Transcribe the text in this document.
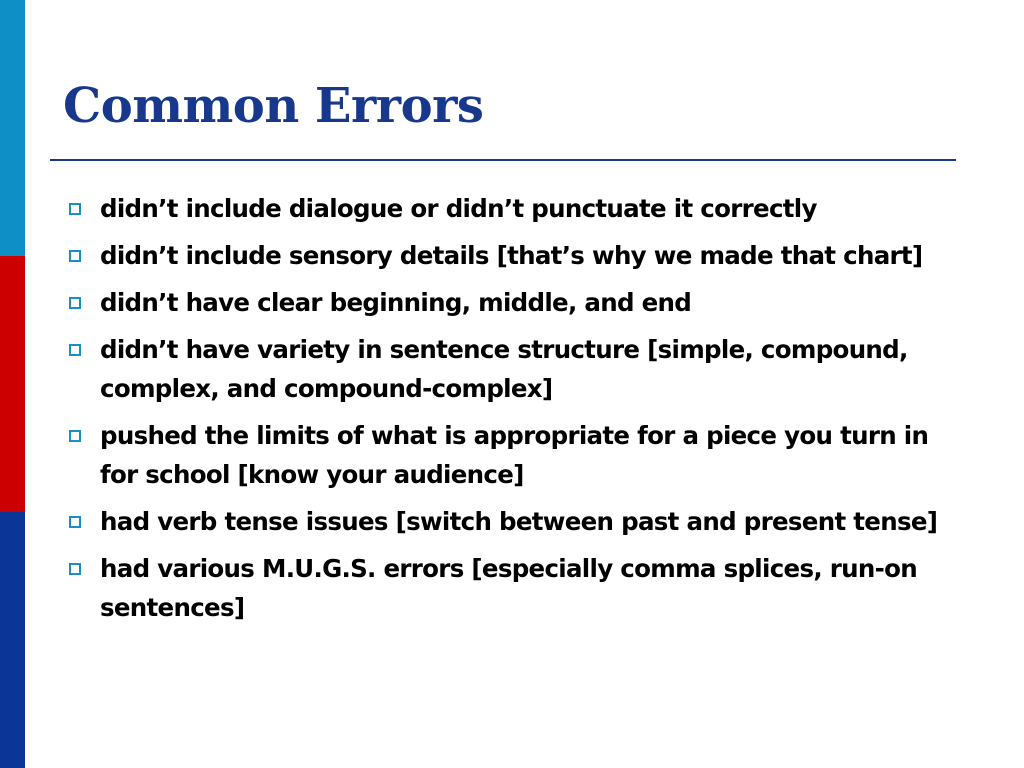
Common Errors
didn’t include dialogue or didn’t punctuate it correctly
didn’t include sensory details [that’s why we made that chart]
didn’t have clear beginning, middle, and end
didn’t have variety in sentence structure [simple, compound, complex, and compound-complex]
pushed the limits of what is appropriate for a piece you turn in for school [know your audience]
had verb tense issues [switch between past and present tense]
had various M.U.G.S. errors [especially comma splices, run-on sentences]
